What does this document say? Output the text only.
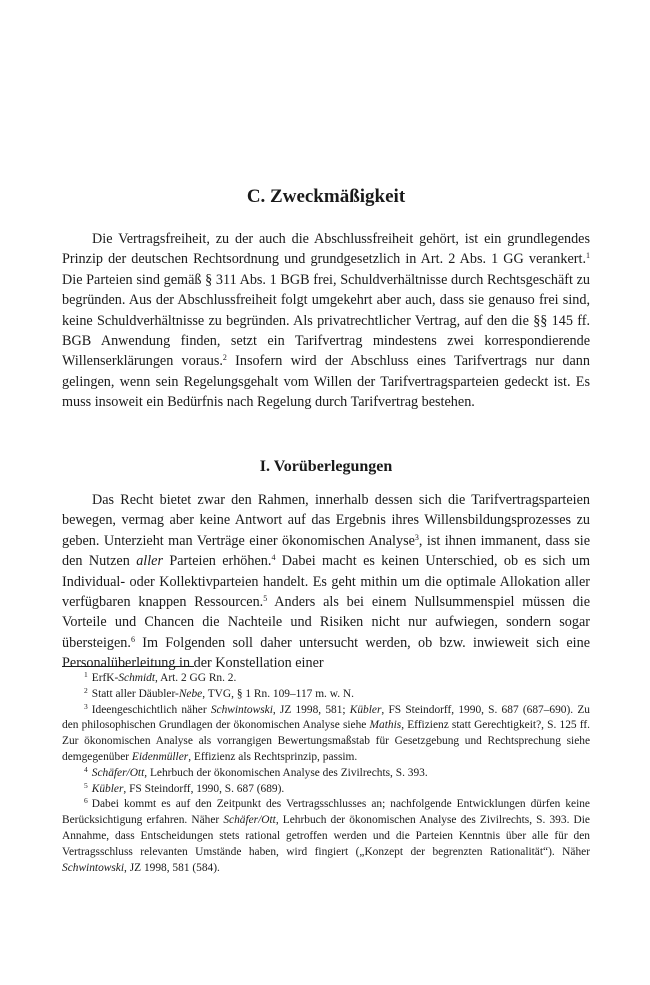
C. Zweckmäßigkeit

Die Vertragsfreiheit, zu der auch die Abschlussfreiheit gehört, ist ein grundlegendes Prinzip der deutschen Rechtsordnung und grundgesetzlich in Art. 2 Abs. 1 GG verankert.$^1$ Die Parteien sind gemäß § 311 Abs. 1 BGB frei, Schuldverhältnisse durch Rechtsgeschäft zu begründen. Aus der Abschlussfreiheit folgt umgekehrt aber auch, dass sie genauso frei sind, keine Schuldverhältnisse zu begründen. Als privatrechtlicher Vertrag, auf den die §§ 145 ff. BGB Anwendung finden, setzt ein Tarifvertrag mindestens zwei korrespondierende Willenserklärungen voraus.$^2$ Insofern wird der Abschluss eines Tarifvertrags nur dann gelingen, wenn sein Regelungsgehalt vom Willen der Tarifvertragsparteien gedeckt ist. Es muss insoweit ein Bedürfnis nach Regelung durch Tarifvertrag bestehen.

I. Vorüberlegungen

Das Recht bietet zwar den Rahmen, innerhalb dessen sich die Tarifvertragsparteien bewegen, vermag aber keine Antwort auf das Ergebnis ihres Willensbildungsprozesses zu geben. Unterzieht man Verträge einer ökonomischen Analyse$^3$, ist ihnen immanent, dass sie den Nutzen aller Parteien erhöhen.$^4$ Dabei macht es keinen Unterschied, ob es sich um Individual- oder Kollektivparteien handelt. Es geht mithin um die optimale Allokation aller verfügbaren knappen Ressourcen.$^5$ Anders als bei einem Nullsummenspiel müssen die Vorteile und Chancen die Nachteile und Risiken nicht nur aufwiegen, sondern sogar übersteigen.$^6$ Im Folgenden soll daher untersucht werden, ob bzw. inwieweit sich eine Personalüberleitung in der Konstellation einer

$^1$ ErfK-Schmidt, Art. 2 GG Rn. 2.

$^2$ Statt aller Däubler-Nebe, TVG, § 1 Rn. 109–117 m. w. N.

$^3$ Ideengeschichtlich näher Schwintowski, JZ 1998, 581; Kübler, FS Steindorff, 1990, S. 687 (687–690). Zu den philosophischen Grundlagen der ökonomischen Analyse siehe Mathis, Effizienz statt Gerechtigkeit?, S. 125 ff. Zur ökonomischen Analyse als vorrangigen Bewertungsmaßstab für Gesetzgebung und Rechtsprechung siehe demgegenüber Eidenmüller, Effizienz als Rechtsprinzip, passim.

$^4$ Schäfer/Ott, Lehrbuch der ökonomischen Analyse des Zivilrechts, S. 393.

$^5$ Kübler, FS Steindorff, 1990, S. 687 (689).

$^6$ Dabei kommt es auf den Zeitpunkt des Vertragsschlusses an; nachfolgende Entwicklungen dürfen keine Berücksichtigung erfahren. Näher Schäfer/Ott, Lehrbuch der ökonomischen Analyse des Zivilrechts, S. 393. Die Annahme, dass Entscheidungen stets rational getroffen werden und die Parteien Kenntnis über alle für den Vertragsschluss relevanten Umstände haben, wird fingiert („Konzept der begrenzten Rationalität“). Näher Schwintowski, JZ 1998, 581 (584).
